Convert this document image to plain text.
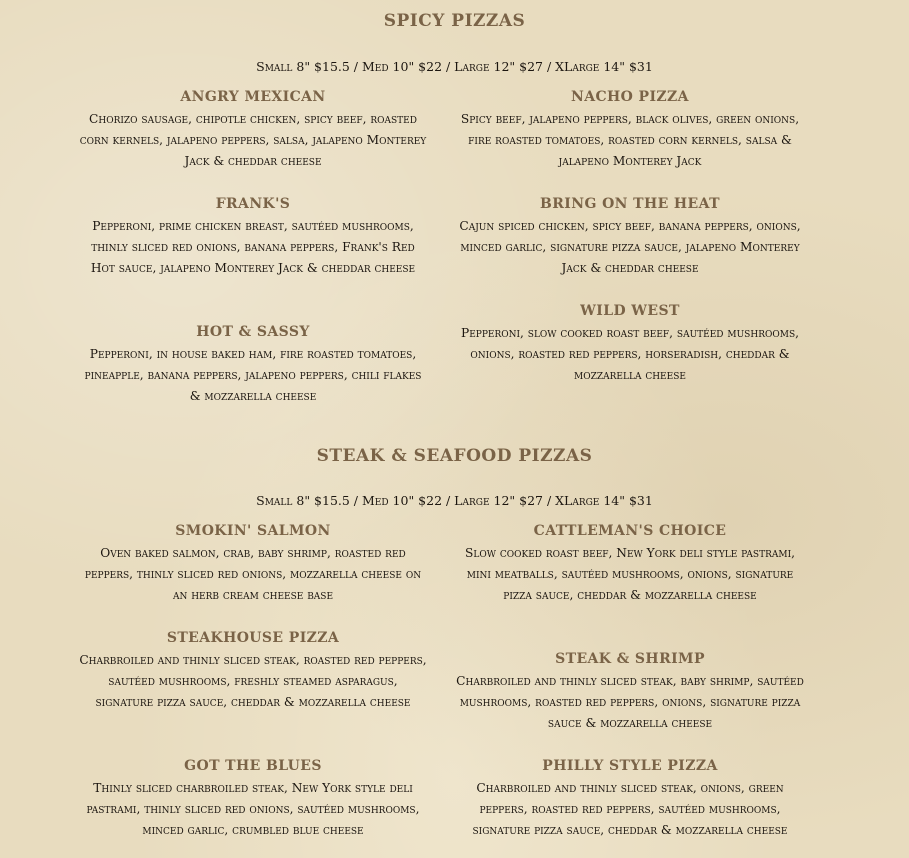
SPICY PIZZAS
Small 8" $15.5 / Med 10" $22 / Large 12" $27 / XLarge 14" $31
ANGRY MEXICAN
Chorizo sausage, chipotle chicken, spicy beef, roasted corn kernels, jalapeno peppers, salsa, jalapeno Monterey Jack & cheddar cheese
NACHO PIZZA
Spicy beef, jalapeno peppers, black olives, green onions, fire roasted tomatoes, roasted corn kernels, salsa & jalapeno Monterey Jack
FRANK'S
Pepperoni, prime chicken breast, sautéed mushrooms, thinly sliced red onions, banana peppers, Frank's Red Hot sauce, jalapeno Monterey Jack & cheddar cheese
BRING ON THE HEAT
Cajun spiced chicken, spicy beef, banana peppers, onions, minced garlic, signature pizza sauce, jalapeno Monterey Jack & cheddar cheese
HOT & SASSY
Pepperoni, in house baked ham, fire roasted tomatoes, pineapple, banana peppers, jalapeno peppers, chili flakes & mozzarella cheese
WILD WEST
Pepperoni, slow cooked roast beef, sautéed mushrooms, onions, roasted red peppers, horseradish, cheddar & mozzarella cheese
STEAK & SEAFOOD PIZZAS
Small 8" $15.5 / Med 10" $22 / Large 12" $27 / XLarge 14" $31
SMOKIN' SALMON
Oven baked salmon, crab, baby shrimp, roasted red peppers, thinly sliced red onions, mozzarella cheese on an herb cream cheese base
CATTLEMAN'S CHOICE
Slow cooked roast beef, New York deli style pastrami, mini meatballs, sautéed mushrooms, onions, signature pizza sauce, cheddar & mozzarella cheese
STEAKHOUSE PIZZA
Charbroiled and thinly sliced steak, roasted red peppers, sautéed mushrooms, freshly steamed asparagus, signature pizza sauce, cheddar & mozzarella cheese
STEAK & SHRIMP
Charbroiled and thinly sliced steak, baby shrimp, sautéed mushrooms, roasted red peppers, onions, signature pizza sauce & mozzarella cheese
GOT THE BLUES
Thinly sliced charbroiled steak, New York style deli pastrami, thinly sliced red onions, sautéed mushrooms, minced garlic, crumbled blue cheese
PHILLY STYLE PIZZA
Charbroiled and thinly sliced steak, onions, green peppers, roasted red peppers, sautéed mushrooms, signature pizza sauce, cheddar & mozzarella cheese
